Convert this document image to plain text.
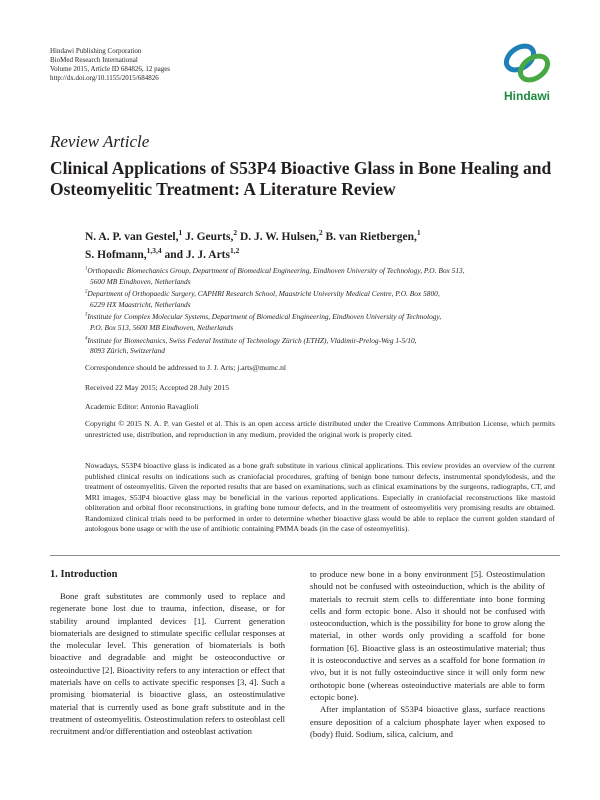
Hindawi Publishing Corporation
BioMed Research International
Volume 2015, Article ID 684826, 12 pages
http://dx.doi.org/10.1155/2015/684826
Hindawi
Review Article
Clinical Applications of S53P4 Bioactive Glass in Bone Healing and Osteomyelitic Treatment: A Literature Review
N. A. P. van Gestel,$^1$ J. Geurts,$^2$ D. J. W. Hulsen,$^2$ B. van Rietbergen,$^1$
S. Hofmann,$^{1,3,4}$ and J. J. Arts$^{1,2}$
$^1$Orthopaedic Biomechanics Group, Department of Biomedical Engineering, Eindhoven University of Technology, P.O. Box 513,
5600 MB Eindhoven, Netherlands
$^2$Department of Orthopaedic Surgery, CAPHRI Research School, Maastricht University Medical Centre, P.O. Box 5800,
6229 HX Maastricht, Netherlands
$^3$Institute for Complex Molecular Systems, Department of Biomedical Engineering, Eindhoven University of Technology,
P.O. Box 513, 5600 MB Eindhoven, Netherlands
$^4$Institute for Biomechanics, Swiss Federal Institute of Technology Zürich (ETHZ), Vladimir-Prelog-Weg 1-5/10,
8093 Zürich, Switzerland
Correspondence should be addressed to J. J. Arts; j.arts@mumc.nl
Received 22 May 2015; Accepted 28 July 2015
Academic Editor: Antonio Ravaglioli
Copyright © 2015 N. A. P. van Gestel et al. This is an open access article distributed under the Creative Commons Attribution License, which permits unrestricted use, distribution, and reproduction in any medium, provided the original work is properly cited.
Nowadays, S53P4 bioactive glass is indicated as a bone graft substitute in various clinical applications. This review provides an overview of the current published clinical results on indications such as craniofacial procedures, grafting of benign bone tumour defects, instrumental spondylodesis, and the treatment of osteomyelitis. Given the reported results that are based on examinations, such as clinical examinations by the surgeons, radiographs, CT, and MRI images, S53P4 bioactive glass may be beneficial in the various reported applications. Especially in craniofacial reconstructions like mastoid obliteration and orbital floor reconstructions, in grafting bone tumour defects, and in the treatment of osteomyelitis very promising results are obtained. Randomized clinical trials need to be performed in order to determine whether bioactive glass would be able to replace the current golden standard of autologous bone usage or with the use of antibiotic containing PMMA beads (in the case of osteomyelitis).
1. Introduction

Bone graft substitutes are commonly used to replace and regenerate bone lost due to trauma, infection, disease, or for stability around implanted devices [1]. Current generation biomaterials are designed to stimulate specific cellular responses at the molecular level. This generation of biomaterials is both bioactive and degradable and might be osteoconductive or osteoinductive [2]. Bioactivity refers to any interaction or effect that materials have on cells to activate specific responses [3, 4]. Such a promising biomaterial is bioactive glass, an osteostimulative material that is currently used as bone graft substitute and in the treatment of osteomyelitis. Osteostimulation refers to osteoblast cell recruitment and/or differentiation and osteoblast activation

to produce new bone in a bony environment [5]. Osteostimulation should not be confused with osteoinduction, which is the ability of materials to recruit stem cells to differentiate into bone forming cells and form ectopic bone. Also it should not be confused with osteoconduction, which is the possibility for bone to grow along the material, in other words only providing a scaffold for bone formation [6]. Bioactive glass is an osteostimulative material; thus it is osteoconductive and serves as a scaffold for bone formation in vivo, but it is not fully osteoinductive since it will only form new orthotopic bone (whereas osteoinductive materials are able to form ectopic bone).

After implantation of S53P4 bioactive glass, surface reactions ensure deposition of a calcium phosphate layer when exposed to (body) fluid. Sodium, silica, calcium, and
